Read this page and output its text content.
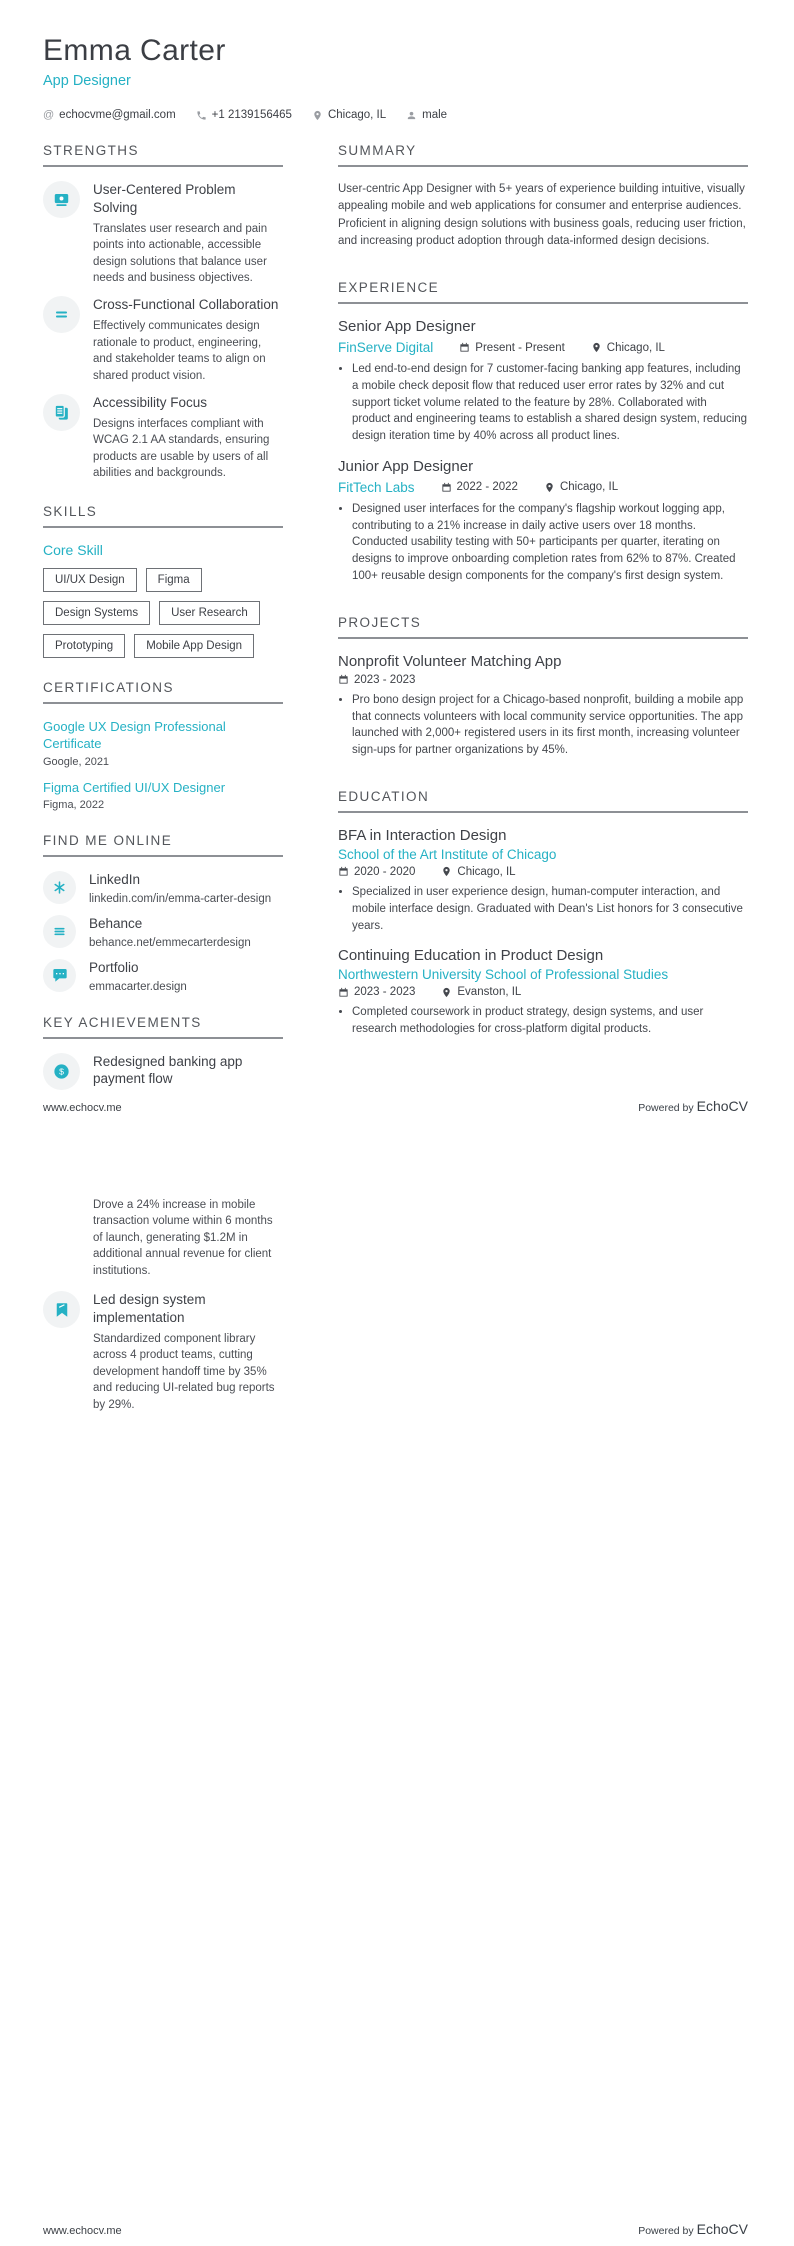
Emma Carter
App Designer
@ echocvme@gmail.com	+1 2139156465	Chicago, IL	male
STRENGTHS
User-Centered Problem Solving
Translates user research and pain points into actionable, accessible design solutions that balance user needs and business objectives.
Cross-Functional Collaboration
Effectively communicates design rationale to product, engineering, and stakeholder teams to align on shared product vision.
Accessibility Focus
Designs interfaces compliant with WCAG 2.1 AA standards, ensuring products are usable by users of all abilities and backgrounds.
SKILLS
Core Skill
UI/UX Design	Figma
Design Systems	User Research
Prototyping	Mobile App Design
CERTIFICATIONS
Google UX Design Professional Certificate
Google, 2021
Figma Certified UI/UX Designer
Figma, 2022
FIND ME ONLINE
LinkedIn
linkedin.com/in/emma-carter-design
Behance
behance.net/emmecarterdesign
Portfolio
emmacarter.design
KEY ACHIEVEMENTS
$
Redesigned banking app payment flow
SUMMARY

User-centric App Designer with 5+ years of experience building intuitive, visually appealing mobile and web applications for consumer and enterprise audiences. Proficient in aligning design solutions with business goals, reducing user friction, and increasing product adoption through data-informed design decisions.

EXPERIENCE
Senior App Designer
FinServe Digital	Present - Present	Chicago, IL
• Led end-to-end design for 7 customer-facing banking app features, including a mobile check deposit flow that reduced user error rates by 32% and cut support ticket volume related to the feature by 28%. Collaborated with product and engineering teams to establish a shared design system, reducing design iteration time by 40% across all product lines.
Junior App Designer
FitTech Labs	2022 - 2022	Chicago, IL
• Designed user interfaces for the company's flagship workout logging app, contributing to a 21% increase in daily active users over 18 months. Conducted usability testing with 50+ participants per quarter, iterating on designs to improve onboarding completion rates from 62% to 87%. Created 100+ reusable design components for the company's first design system.
PROJECTS
Nonprofit Volunteer Matching App
2023 - 2023
• Pro bono design project for a Chicago-based nonprofit, building a mobile app that connects volunteers with local community service opportunities. The app launched with 2,000+ registered users in its first month, increasing volunteer sign-ups for partner organizations by 45%.
EDUCATION
BFA in Interaction Design
School of the Art Institute of Chicago
2020 - 2020	Chicago, IL
• Specialized in user experience design, human-computer interaction, and mobile interface design. Graduated with Dean's List honors for 3 consecutive years.
Continuing Education in Product Design
Northwestern University School of Professional Studies
2023 - 2023	Evanston, IL
• Completed coursework in product strategy, design systems, and user research methodologies for cross-platform digital products.
www.echocv.me	Powered by EchoCV

Drove a 24% increase in mobile transaction volume within 6 months of launch, generating $1.2M in additional annual revenue for client institutions.

Led design system implementation
Standardized component library across 4 product teams, cutting development handoff time by 35% and reducing UI-related bug reports by 29%.
www.echocv.me	Powered by EchoCV
